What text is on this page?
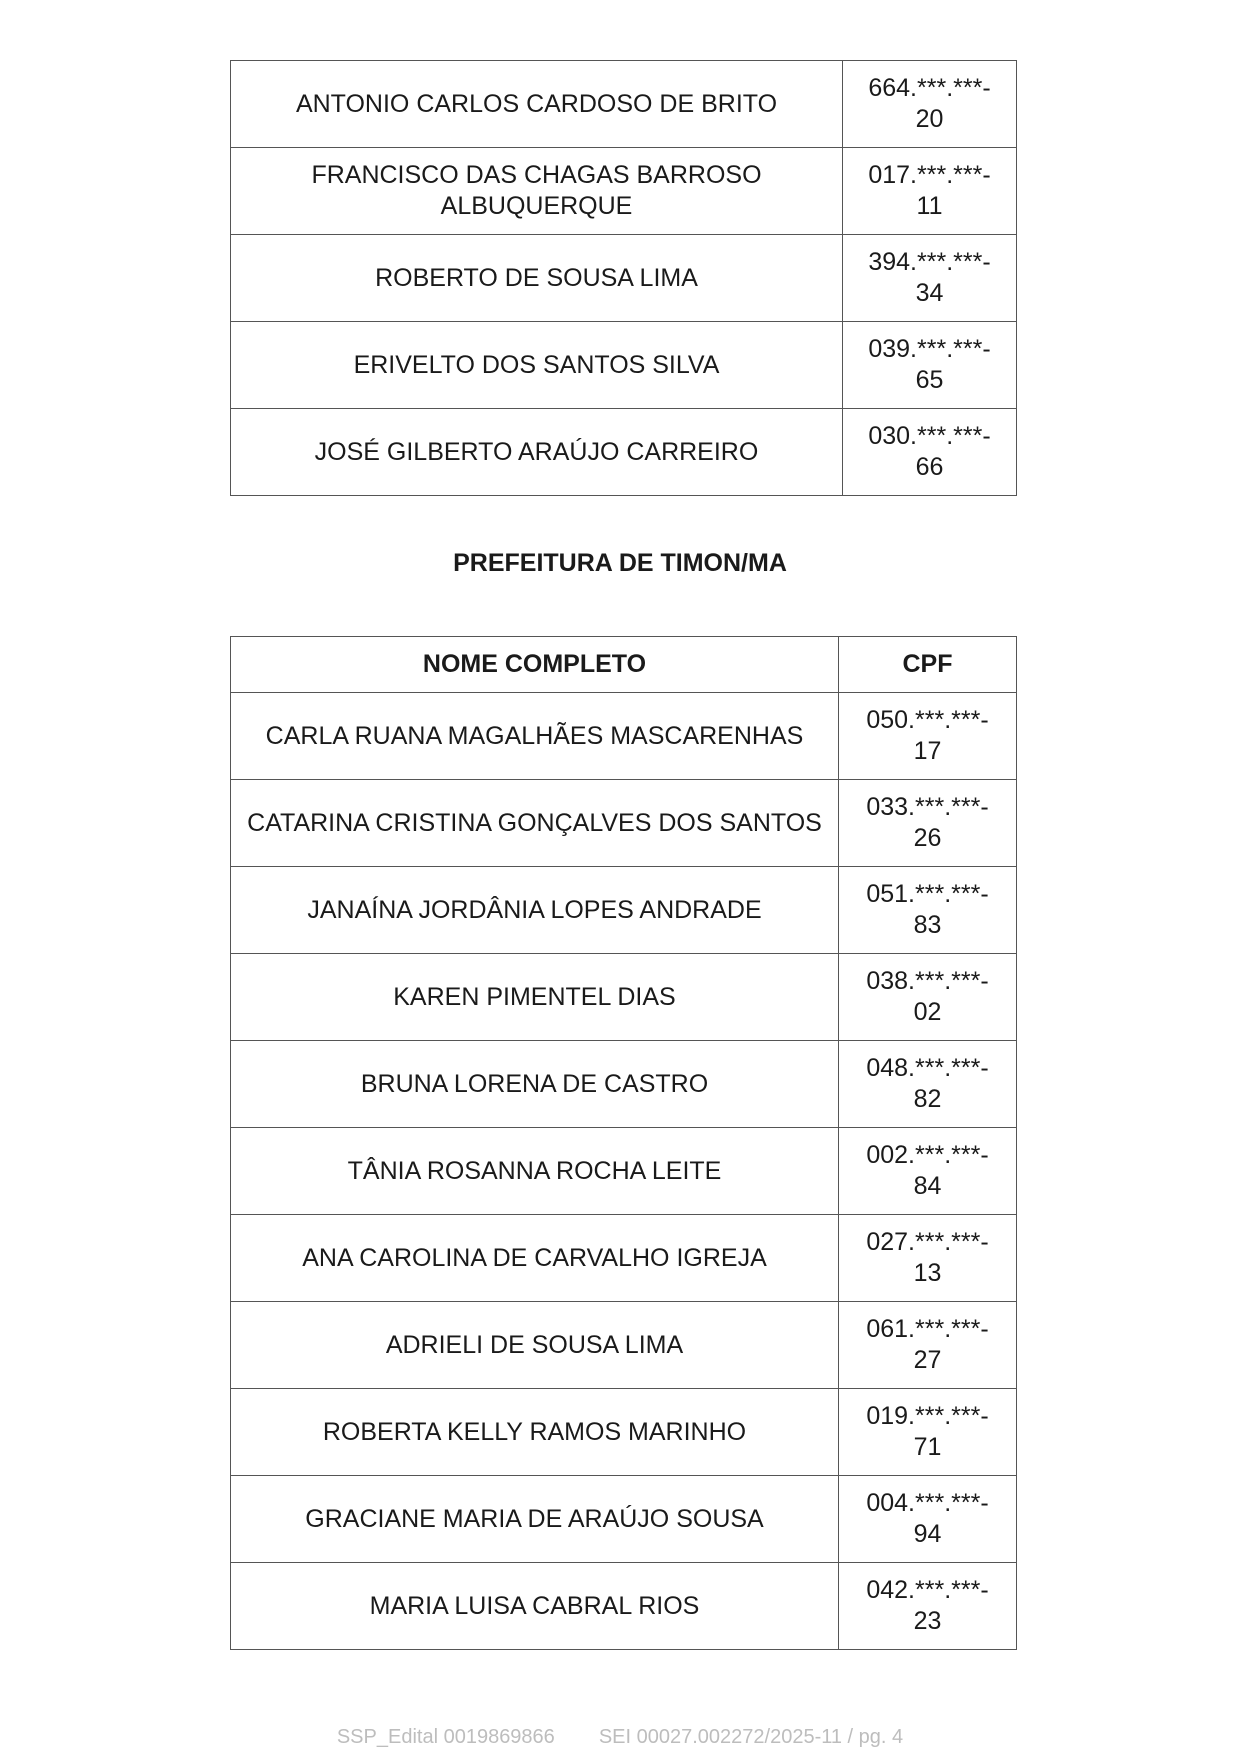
ANTONIO CARLOS CARDOSO DE BRITO	664.***.***-
20

FRANCISCO DAS CHAGAS BARROSO ALBUQUERQUE	017.***.***-
11

ROBERTO DE SOUSA LIMA	394.***.***-
34

ERIVELTO DOS SANTOS SILVA	039.***.***-
65

JOSÉ GILBERTO ARAÚJO CARREIRO	030.***.***-
66
PREFEITURA DE TIMON/MA
NOME COMPLETO	CPF
CARLA RUANA MAGALHÃES MASCARENHAS	050.***.***-
17

CATARINA CRISTINA GONÇALVES DOS SANTOS	033.***.***-
26

JANAÍNA JORDÂNIA LOPES ANDRADE	051.***.***-
83

KAREN PIMENTEL DIAS	038.***.***-
02

BRUNA LORENA DE CASTRO	048.***.***-
82

TÂNIA ROSANNA ROCHA LEITE	002.***.***-
84

ANA CAROLINA DE CARVALHO IGREJA	027.***.***-
13

ADRIELI DE SOUSA LIMA	061.***.***-
27

ROBERTA KELLY RAMOS MARINHO	019.***.***-
71

GRACIANE MARIA DE ARAÚJO SOUSA	004.***.***-
94

MARIA LUISA CABRAL RIOS	042.***.***-
23
SSP_Edital 0019869866 SEI 00027.002272/2025-11 / pg. 4
